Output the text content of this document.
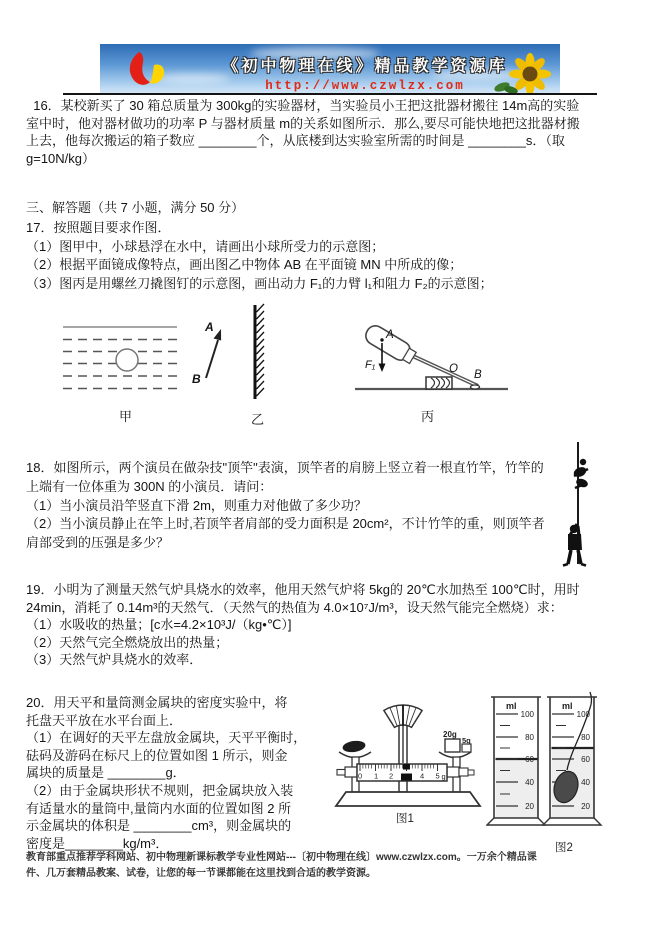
《初中物理在线》精品教学资源库
http://www.czwlzx.com
16．某校新买了 30 箱总质量为 300kg的实验器材，当实验员小王把这批器材搬往 14m高的实验
室中时，他对器材做功的功率 P 与器材质量 m的关系如图所示．那么,要尽可能快地把这批器材搬
上去，他每次搬运的箱子数应 ________个，从底楼到达实验室所需的时间是 ________s．（取
g=10N/kg）
三、解答题（共 7 小题，满分 50 分）
17．按照题目要求作图．
（1）图甲中，小球悬浮在水中，请画出小球所受力的示意图；
（2）根据平面镜成像特点，画出图乙中物体 AB 在平面镜 MN 中所成的像；
（3）图丙是用螺丝刀撬图钉的示意图，画出动力 F₁的力臂 l₁和阻力 F₂的示意图；
甲
A
B
乙
A
F₁	O B
丙
18．如图所示，两个演员在做杂技"顶竿"表演，顶竿者的肩膀上竖立着一根直竹竿，竹竿的
上端有一位体重为 300N 的小演员．请问：
（1）当小演员沿竿竖直下滑 2m，则重力对他做了多少功？
（2）当小演员静止在竿上时,若顶竿者肩部的受力面积是 20cm²，不计竹竿的重，则顶竿者
肩部受到的压强是多少？
19．小明为了测量天然气炉具烧水的效率，他用天然气炉将 5kg的 20℃水加热至 100℃时，用时
24min，消耗了 0.14m³的天然气．（天然气的热值为 4.0×10⁷J/m³，设天然气能完全燃烧）求：
（1）水吸收的热量；[c水=4.2×10³J/（kg•℃）]
（2）天然气完全燃烧放出的热量；
（3）天然气炉具烧水的效率．
20．用天平和量筒测金属块的密度实验中，将
托盘天平放在水平台面上．
（1）在调好的天平左盘放金属块，天平平衡时，
砝码及游码在标尺上的位置如图 1 所示，则金
属块的质量是 ________g．
（2）由于金属块形状不规则，把金属块放入装
有适量水的量筒中,量筒内水面的位置如图 2 所
示金属块的体积是 ________cm³，则金属块的
密度是________kg/m³．
20g
5g
0 1 2	4 5 g
图1
100
80
60
40
20
ml
100
80
60
40
20
ml
图2
教育部重点推荐学科网站、初中物理新课标教学专业性网站---〔初中物理在线〕www.czwlzx.com。一万余个精品课
件、几万套精品教案、试卷，让您的每一节课都能在这里找到合适的教学资源。
